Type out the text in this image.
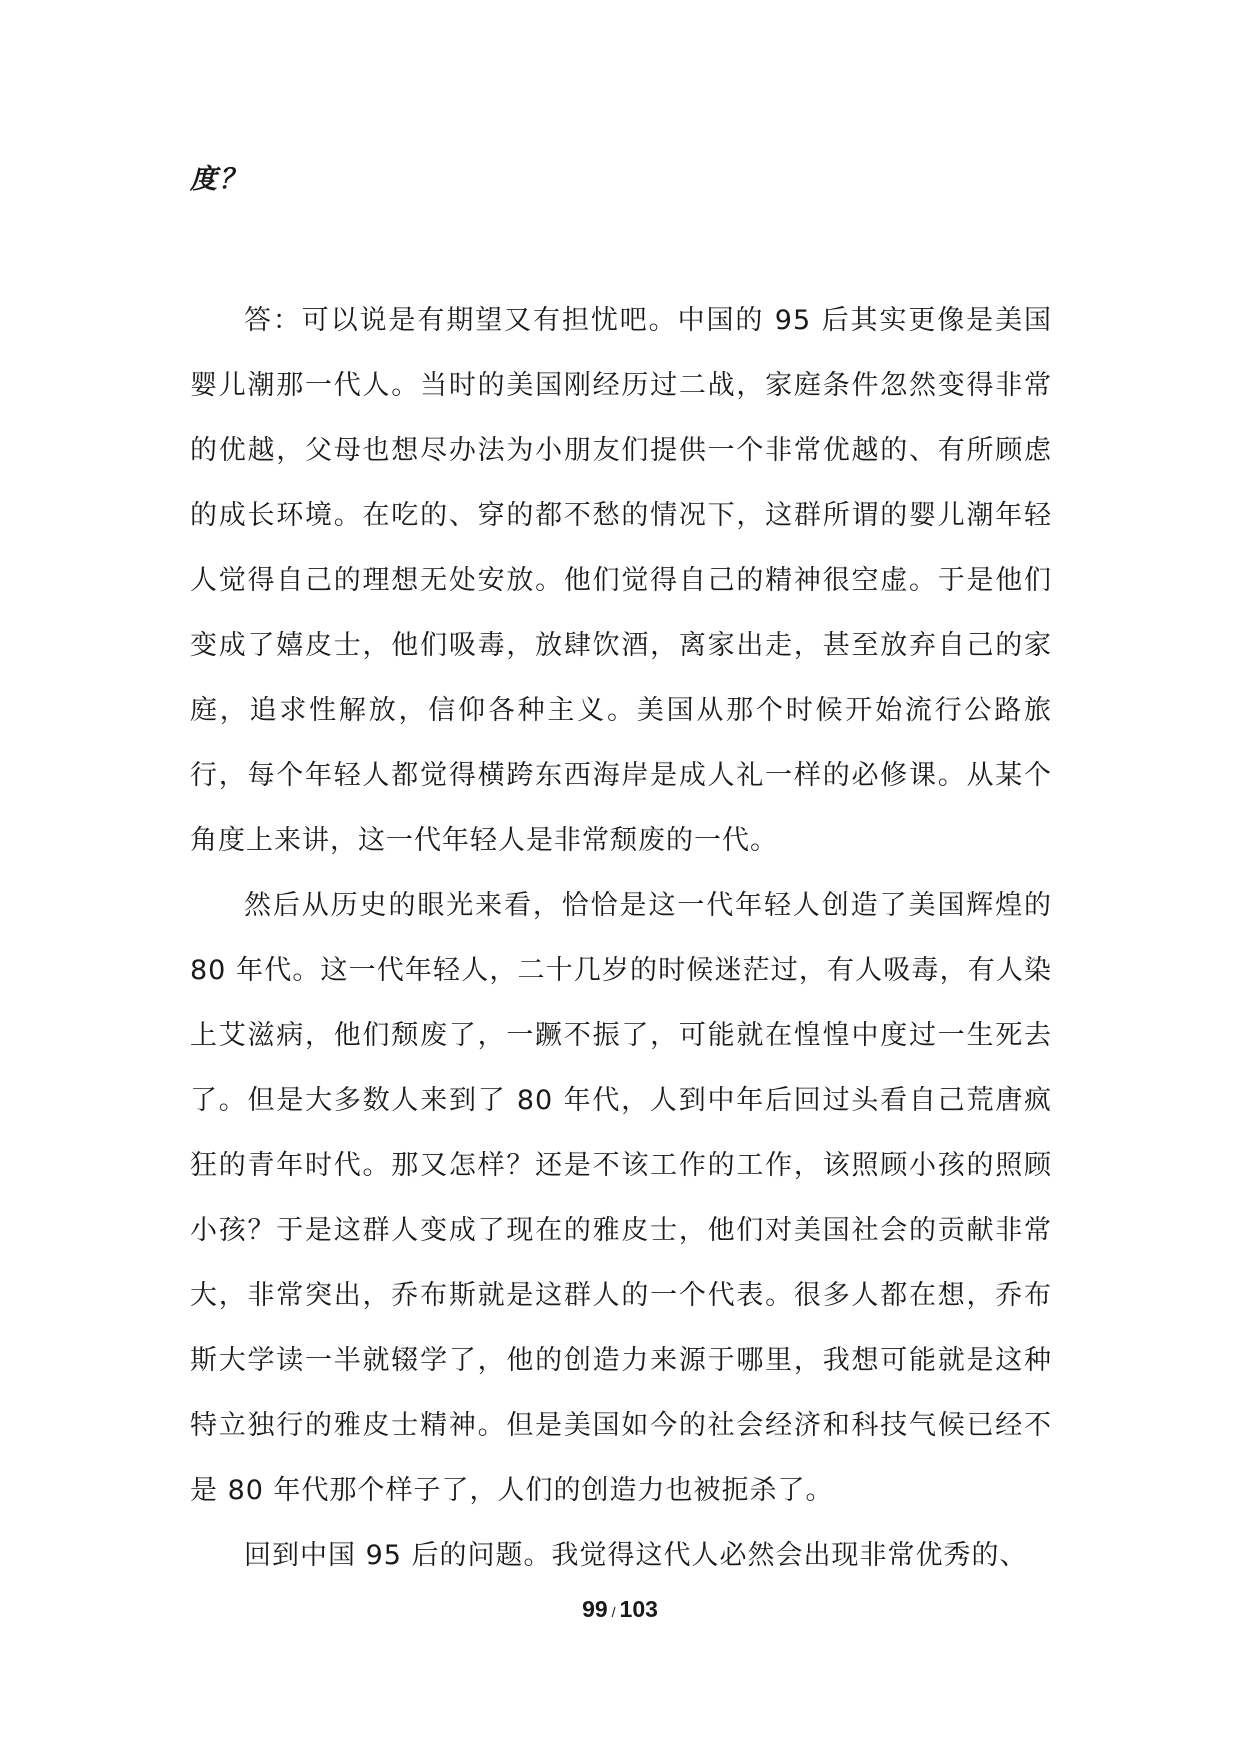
度？

答：可以说是有期望又有担忧吧。中国的 95 后其实更像是美国婴儿潮那一代人。当时的美国刚经历过二战，家庭条件忽然变得非常的优越，父母也想尽办法为小朋友们提供一个非常优越的、有所顾虑的成长环境。在吃的、穿的都不愁的情况下，这群所谓的婴儿潮年轻人觉得自己的理想无处安放。他们觉得自己的精神很空虚。于是他们变成了嬉皮士，他们吸毒，放肆饮酒，离家出走，甚至放弃自己的家庭，追求性解放，信仰各种主义。美国从那个时候开始流行公路旅行，每个年轻人都觉得横跨东西海岸是成人礼一样的必修课。从某个角度上来讲，这一代年轻人是非常颓废的一代。

然后从历史的眼光来看，恰恰是这一代年轻人创造了美国辉煌的 80 年代。这一代年轻人，二十几岁的时候迷茫过，有人吸毒，有人染上艾滋病，他们颓废了，一蹶不振了，可能就在惶惶中度过一生死去了。但是大多数人来到了 80 年代，人到中年后回过头看自己荒唐疯狂的青年时代。那又怎样？还是不该工作的工作，该照顾小孩的照顾小孩？于是这群人变成了现在的雅皮士，他们对美国社会的贡献非常大，非常突出，乔布斯就是这群人的一个代表。很多人都在想，乔布斯大学读一半就辍学了，他的创造力来源于哪里，我想可能就是这种特立独行的雅皮士精神。但是美国如今的社会经济和科技气候已经不是 80 年代那个样子了，人们的创造力也被扼杀了。

回到中国 95 后的问题。我觉得这代人必然会出现非常优秀的、

99 / 103
